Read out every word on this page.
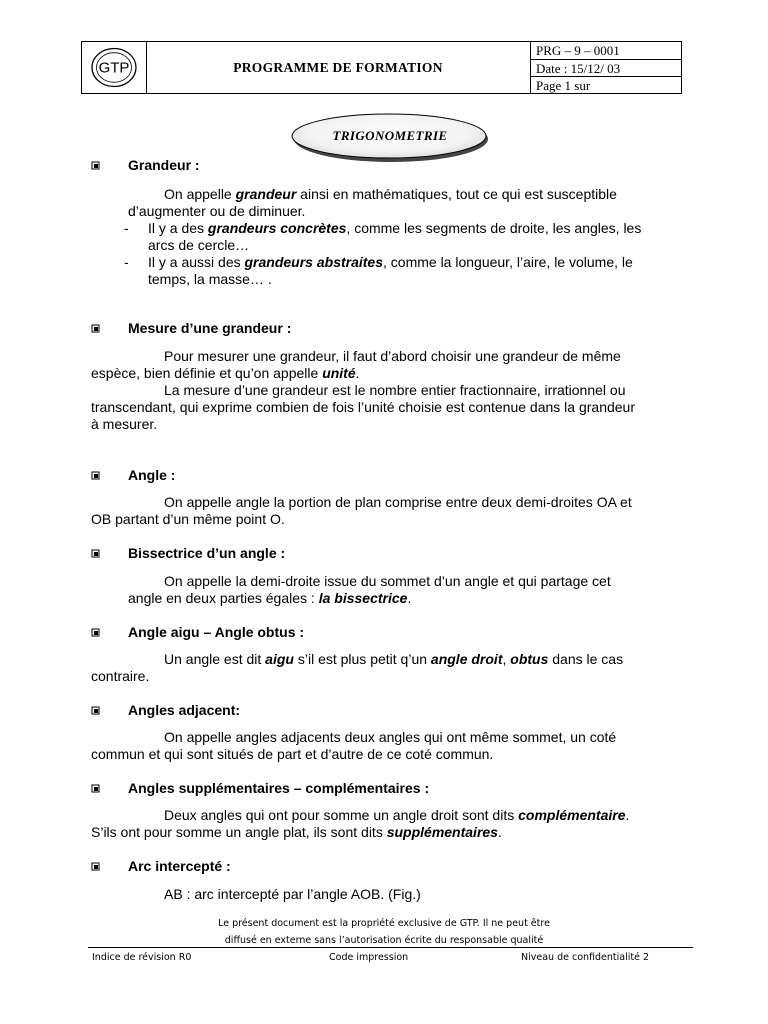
GTP	PROGRAMME DE FORMATION
PRG – 9 – 0001
Date : 15/12/ 03
Page 1 sur
TRIGONOMETRIE
Grandeur :
On appelle grandeur ainsi en mathématiques, tout ce qui est susceptible
d’augmenter ou de diminuer.
- Il y a des grandeurs concrètes, comme les segments de droite, les angles, les
arcs de cercle…
- Il y a aussi des grandeurs abstraites, comme la longueur, l’aire, le volume, le
temps, la masse… .
Mesure d’une grandeur :
Pour mesurer une grandeur, il faut d’abord choisir une grandeur de même
espèce, bien définie et qu’on appelle unité.
La mesure d’une grandeur est le nombre entier fractionnaire, irrationnel ou
transcendant, qui exprime combien de fois l’unité choisie est contenue dans la grandeur
à mesurer.
Angle :
On appelle angle la portion de plan comprise entre deux demi-droites OA et
OB partant d’un même point O.
Bissectrice d’un angle :
On appelle la demi-droite issue du sommet d’un angle et qui partage cet
angle en deux parties égales : la bissectrice.
Angle aigu – Angle obtus :
Un angle est dit aigu s’il est plus petit q’un angle droit, obtus dans le cas
contraire.
Angles adjacent:
On appelle angles adjacents deux angles qui ont même sommet, un coté
commun et qui sont situés de part et d’autre de ce coté commun.
Angles supplémentaires – complémentaires :
Deux angles qui ont pour somme un angle droit sont dits complémentaire.
S’ils ont pour somme un angle plat, ils sont dits supplémentaires.
Arc intercepté :
AB : arc intercepté par l’angle AOB. (Fig.)
Le présent document est la propriété exclusive de GTP. Il ne peut être
diffusé en externe sans l’autorisation écrite du responsable qualité
Indice de révision R0	Code impression	Niveau de confidentialité 2
